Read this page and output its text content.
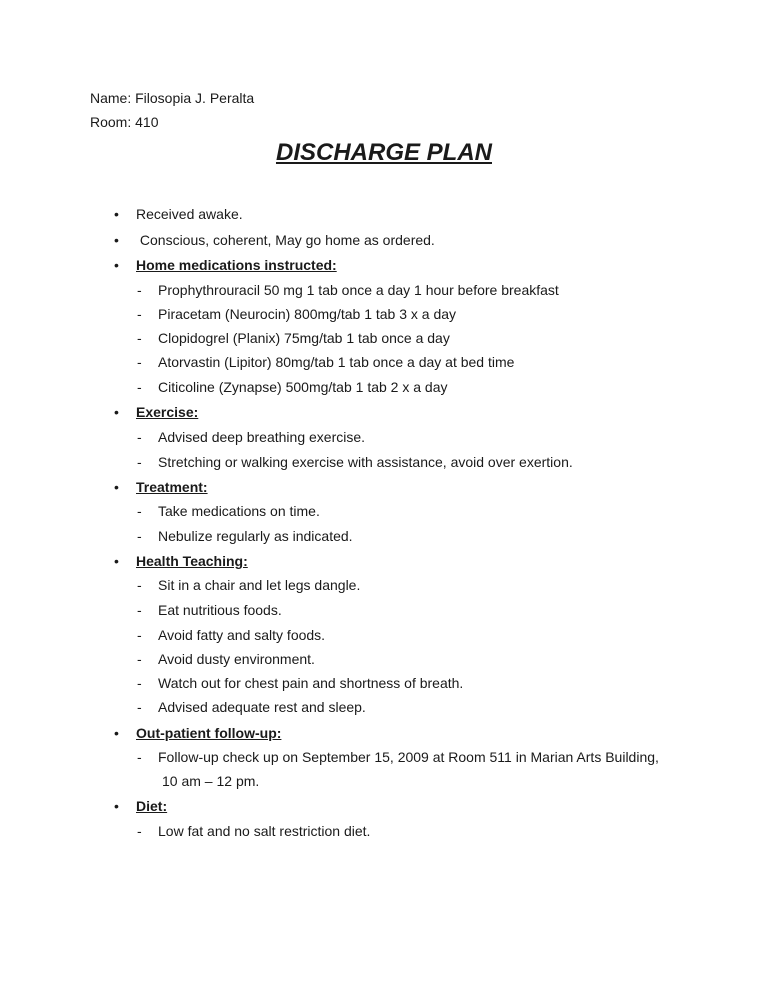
Name: Filosopia J. Peralta
Room: 410
DISCHARGE PLAN
• Received awake.
• Conscious, coherent, May go home as ordered.
• Home medications instructed:
- Prophythrouracil 50 mg 1 tab once a day 1 hour before breakfast
- Piracetam (Neurocin) 800mg/tab 1 tab 3 x a day
- Clopidogrel (Planix) 75mg/tab 1 tab once a day
- Atorvastin (Lipitor) 80mg/tab 1 tab once a day at bed time
- Citicoline (Zynapse) 500mg/tab 1 tab 2 x a day
• Exercise:
- Advised deep breathing exercise.
- Stretching or walking exercise with assistance, avoid over exertion.
• Treatment:
- Take medications on time.
- Nebulize regularly as indicated.
• Health Teaching:
- Sit in a chair and let legs dangle.
- Eat nutritious foods.
- Avoid fatty and salty foods.
- Avoid dusty environment.
- Watch out for chest pain and shortness of breath.
- Advised adequate rest and sleep.
• Out-patient follow-up:
- Follow-up check up on September 15, 2009 at Room 511 in Marian Arts Building,
10 am – 12 pm.
• Diet:
- Low fat and no salt restriction diet.
